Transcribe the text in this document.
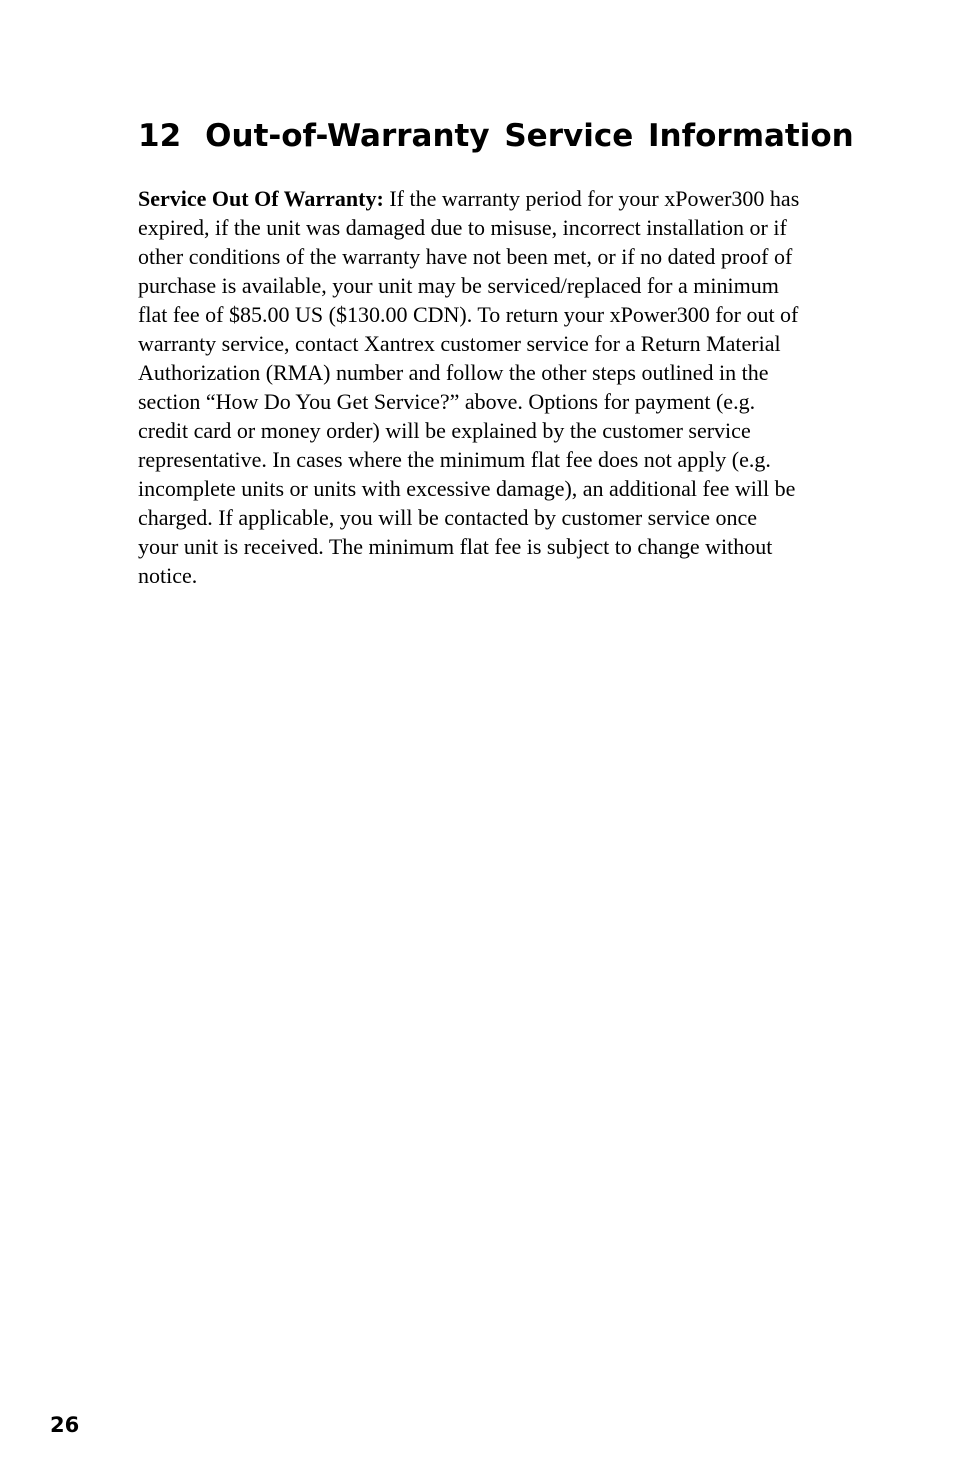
12 Out-of-Warranty Service Information
Service Out Of Warranty: If the warranty period for your xPower300 has
expired, if the unit was damaged due to misuse, incorrect installation or if
other conditions of the warranty have not been met, or if no dated proof of
purchase is available, your unit may be serviced/replaced for a minimum
flat fee of $85.00 US ($130.00 CDN). To return your xPower300 for out of
warranty service, contact Xantrex customer service for a Return Material
Authorization (RMA) number and follow the other steps outlined in the
section “How Do You Get Service?” above. Options for payment (e.g.
credit card or money order) will be explained by the customer service
representative. In cases where the minimum flat fee does not apply (e.g.
incomplete units or units with excessive damage), an additional fee will be
charged. If applicable, you will be contacted by customer service once
your unit is received. The minimum flat fee is subject to change without
notice.
26
